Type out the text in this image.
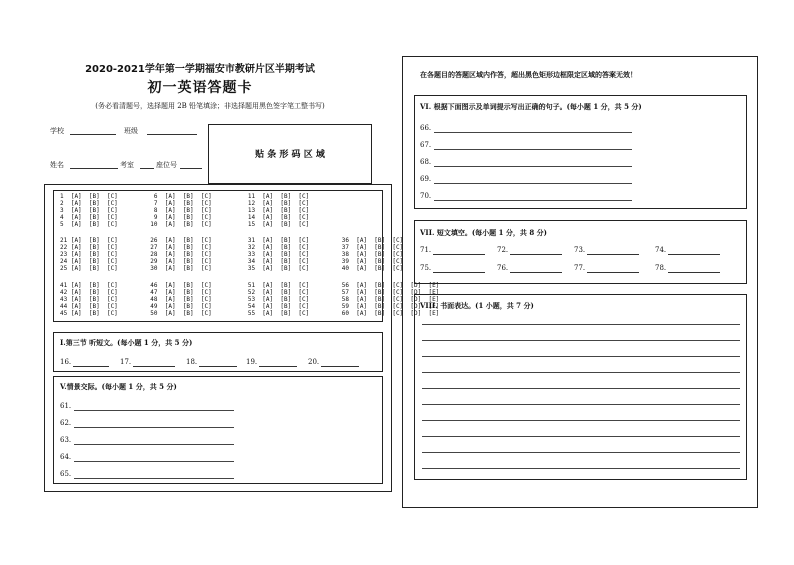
2020-2021学年第一学期福安市教研片区半期考试
初一英语答题卡
(务必看清题号，选择题用 2B 铅笔填涂；非选择题用黑色签字笔工整书写)
学校	班级
姓名	考室	座位号
贴 条 形 码 区 域
1  [A]  [B]  [C]          6  [A]  [B]  [C]          11  [A]  [B]  [C]
2  [A]  [B]  [C]          7  [A]  [B]  [C]          12  [A]  [B]  [C]
3  [A]  [B]  [C]          8  [A]  [B]  [C]          13  [A]  [B]  [C]
4  [A]  [B]  [C]          9  [A]  [B]  [C]          14  [A]  [B]  [C]
5  [A]  [B]  [C]         10  [A]  [B]  [C]          15  [A]  [B]  [C]
21 [A]  [B]  [C]         26  [A]  [B]  [C]          31  [A]  [B]  [C]         36  [A]  [B]  [C]
22 [A]  [B]  [C]         27  [A]  [B]  [C]          32  [A]  [B]  [C]         37  [A]  [B]  [C]
23 [A]  [B]  [C]         28  [A]  [B]  [C]          33  [A]  [B]  [C]         38  [A]  [B]  [C]
24 [A]  [B]  [C]         29  [A]  [B]  [C]          34  [A]  [B]  [C]         39  [A]  [B]  [C]
25 [A]  [B]  [C]         30  [A]  [B]  [C]          35  [A]  [B]  [C]         40  [A]  [B]  [C]
41 [A]  [B]  [C]         46  [A]  [B]  [C]          51  [A]  [B]  [C]         56  [A]  [B]  [C]  [D]  [E]
42 [A]  [B]  [C]         47  [A]  [B]  [C]          52  [A]  [B]  [C]         57  [A]  [B]  [C]  [D]  [E]
43 [A]  [B]  [C]         48  [A]  [B]  [C]          53  [A]  [B]  [C]         58  [A]  [B]  [C]  [D]  [E]
44 [A]  [B]  [C]         49  [A]  [B]  [C]          54  [A]  [B]  [C]         59  [A]  [B]  [C]  [D]  [E]
45 [A]  [B]  [C]         50  [A]  [B]  [C]          55  [A]  [B]  [C]         60  [A]  [B]  [C]  [D]  [E]
Ⅰ.第三节 听短文。(每小题 1 分，共 5 分)
16.	17.	18.	19.	20.
V.情景交际。(每小题 1 分，共 5 分)
61.
62.
63.
64.
65.
在各题目的答题区域内作答，超出黑色矩形边框限定区域的答案无效！
VI. 根据下面图示及单词提示写出正确的句子。(每小题 1 分，共 5 分)
66.
67.
68.
69.
70.
VII. 短文填空。(每小题 1 分，共 8 分)
71.	72.	73.	74.
75.	76.	77.	78.
VIII. 书面表达。(1 小题，共 7 分)
